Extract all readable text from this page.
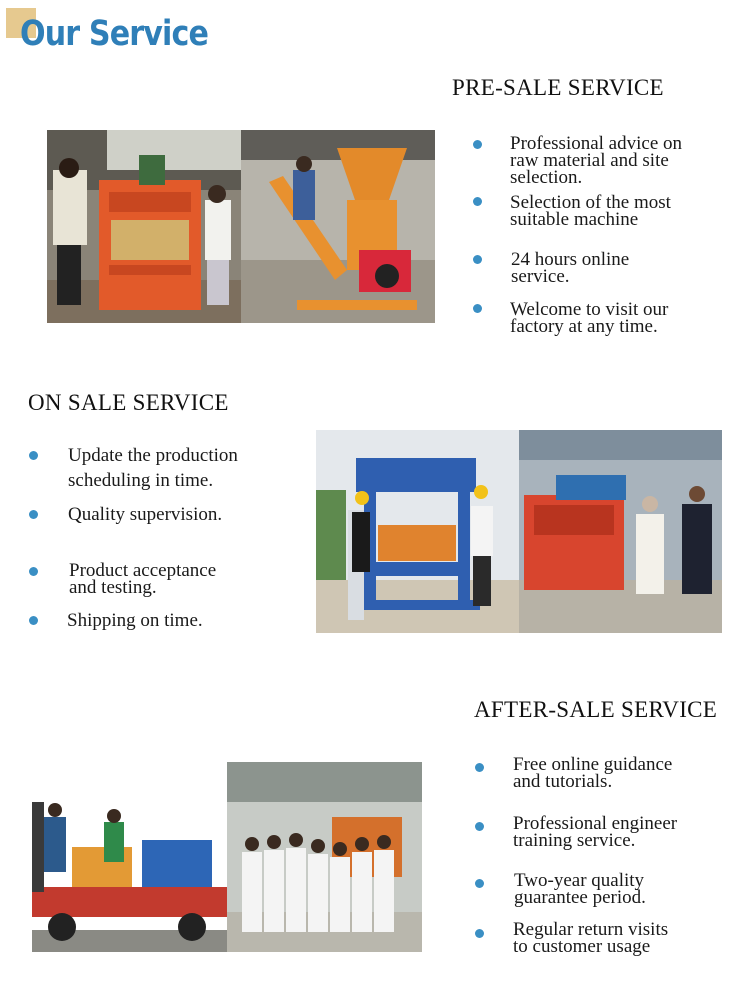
Our Service
PRE-SALE SERVICE
Professional advice on
raw material and site
selection.
Selection of the most
suitable machine
24 hours online
service.
Welcome to visit our
factory at any time.
ON SALE SERVICE
Update the production
scheduling in time.
Quality supervision.
Product acceptance
and testing.
Shipping on time.
AFTER-SALE SERVICE
Free online guidance
and tutorials.
Professional engineer
training service.
Two-year quality
guarantee period.
Regular return visits
to customer usage
